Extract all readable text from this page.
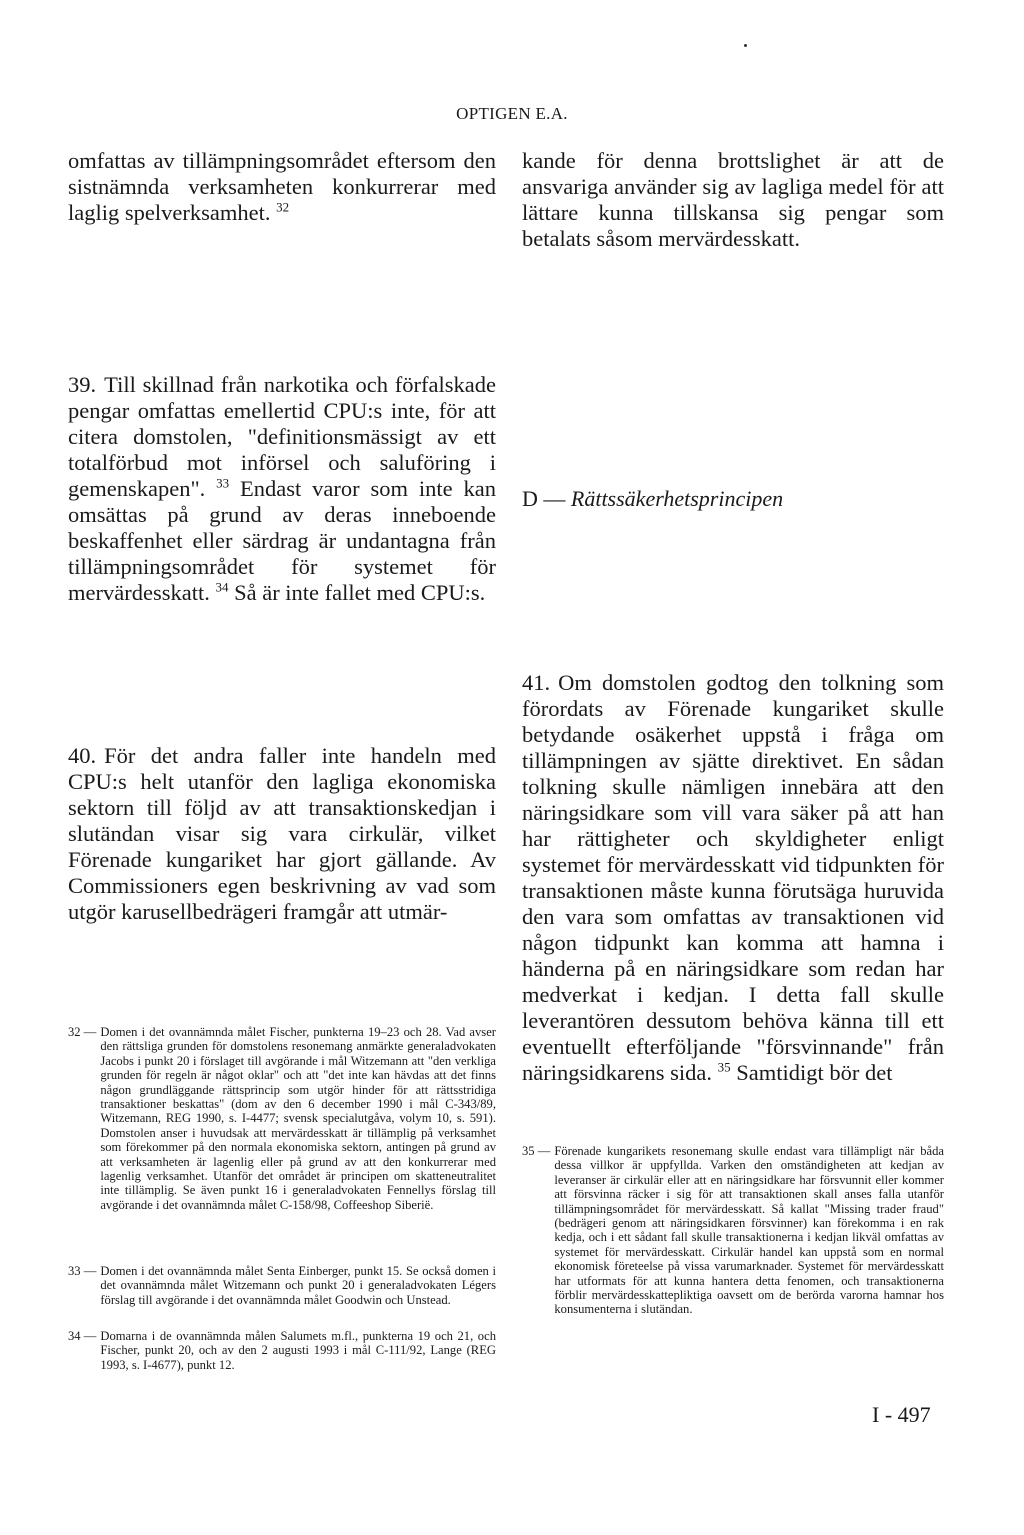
OPTIGEN E.A.
omfattas av tillämpningsområdet eftersom den sistnämnda verksamheten konkurrerar med laglig spelverksamhet. $^{32}$
39. Till skillnad från narkotika och förfalskade pengar omfattas emellertid CPU:s inte, för att citera domstolen, "definitionsmässigt av ett totalförbud mot införsel och saluföring i gemenskapen". $^{33}$ Endast varor som inte kan omsättas på grund av deras inneboende beskaffenhet eller särdrag är undantagna från tillämpningsområdet för systemet för mervärdesskatt. $^{34}$ Så är inte fallet med CPU:s.
40. För det andra faller inte handeln med CPU:s helt utanför den lagliga ekonomiska sektorn till följd av att transaktionskedjan i slutändan visar sig vara cirkulär, vilket Förenade kungariket har gjort gällande. Av Commissioners egen beskrivning av vad som utgör karusellbedrägeri framgår att utmär-
32 — Domen i det ovannämnda målet Fischer, punkterna 19–23 och 28. Vad avser den rättsliga grunden för domstolens resonemang anmärkte generaladvokaten Jacobs i punkt 20 i förslaget till avgörande i mål Witzemann att "den verkliga grunden för regeln är något oklar" och att "det inte kan hävdas att det finns någon grundläggande rättsprincip som utgör hinder för att rättsstridiga transaktioner beskattas" (dom av den 6 december 1990 i mål C-343/89, Witzemann, REG 1990, s. I-4477; svensk specialutgåva, volym 10, s. 591). Domstolen anser i huvudsak att mervärdesskatt är tillämplig på verksamhet som förekommer på den normala ekonomiska sektorn, antingen på grund av att verksamheten är lagenlig eller på grund av att den konkurrerar med lagenlig verksamhet. Utanför det området är principen om skatteneutralitet inte tillämplig. Se även punkt 16 i generaladvokaten Fennellys förslag till avgörande i det ovannämnda målet C-158/98, Coffeeshop Siberië.
33 — Domen i det ovannämnda målet Senta Einberger, punkt 15. Se också domen i det ovannämnda målet Witzemann och punkt 20 i generaladvokaten Légers förslag till avgörande i det ovannämnda målet Goodwin och Unstead.
34 — Domarna i de ovannämnda målen Salumets m.fl., punkterna 19 och 21, och Fischer, punkt 20, och av den 2 augusti 1993 i mål C-111/92, Lange (REG 1993, s. I-4677), punkt 12.
kande för denna brottslighet är att de ansvariga använder sig av lagliga medel för att lättare kunna tillskansa sig pengar som betalats såsom mervärdesskatt.
D — Rättssäkerhetsprincipen
41. Om domstolen godtog den tolkning som förordats av Förenade kungariket skulle betydande osäkerhet uppstå i fråga om tillämpningen av sjätte direktivet. En sådan tolkning skulle nämligen innebära att den näringsidkare som vill vara säker på att han har rättigheter och skyldigheter enligt systemet för mervärdesskatt vid tidpunkten för transaktionen måste kunna förutsäga huruvida den vara som omfattas av transaktionen vid någon tidpunkt kan komma att hamna i händerna på en näringsidkare som redan har medverkat i kedjan. I detta fall skulle leverantören dessutom behöva känna till ett eventuellt efterföljande "försvinnande" från näringsidkarens sida. $^{35}$ Samtidigt bör det
35 — Förenade kungarikets resonemang skulle endast vara tillämpligt när båda dessa villkor är uppfyllda. Varken den omständigheten att kedjan av leveranser är cirkulär eller att en näringsidkare har försvunnit eller kommer att försvinna räcker i sig för att transaktionen skall anses falla utanför tillämpningsområdet för mervärdesskatt. Så kallat "Missing trader fraud" (bedrägeri genom att näringsidkaren försvinner) kan förekomma i en rak kedja, och i ett sådant fall skulle transaktionerna i kedjan likväl omfattas av systemet för mervärdesskatt. Cirkulär handel kan uppstå som en normal ekonomisk företeelse på vissa varumarknader. Systemet för mervärdesskatt har utformats för att kunna hantera detta fenomen, och transaktionerna förblir mervärdesskattepliktiga oavsett om de berörda varorna hamnar hos konsumenterna i slutändan.
I - 497
